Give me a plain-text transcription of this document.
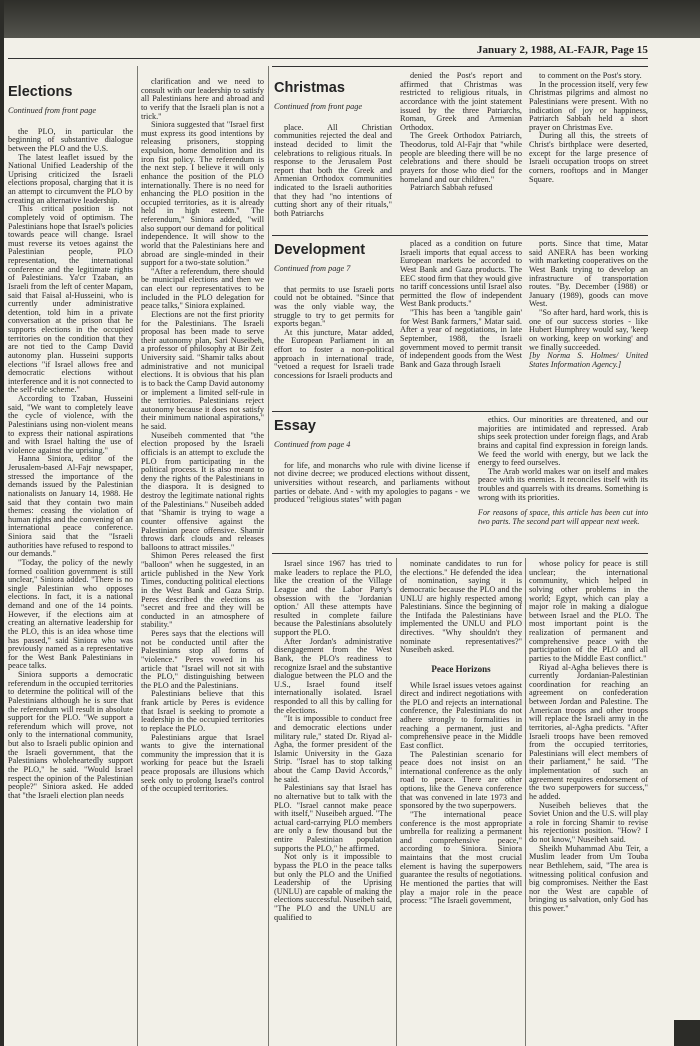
January 2, 1988, AL-FAJR, Page 15
Elections
Continued from front page

the PLO, in particular the beginning of substantive dialogue between the PLO and the U.S.

The latest leaflet issued by the National Unified Leadership of the Uprising criticized the Israeli elections proposal, charging that it is an attempt to circumvent the PLO by creating an alternative leadership.

This critical position is not completely void of optimism. The Palestinians hope that Israel's policies towards peace will change. Israel must reverse its vetoes against the Palestinian people, PLO representation, the international conference and the legitimate rights of Palestinians. Ya'cr Tzaban, an Israeli from the left of center Mapam, said that Faisal al-Husseini, who is currently under administrative detention, told him in a private conversation at the prison that he supports elections in the occupied territories on the condition that they are not tied to the Camp David autonomy plan. Husseini supports elections "if Israel allows free and democratic elections without interference and it is not connected to the self-rule scheme."

According to Tzaban, Husseini said, "We want to completely leave the cycle of violence, with the Palestinians using non-violent means to express their national aspirations and with Israel halting the use of violence against the uprising."

Hanna Siniora, editor of the Jerusalem-based Al-Fajr newspaper, stressed the importance of the demands issued by the Palestinian nationalists on January 14, 1988. He said that they contain two main themes: ceasing the violation of human rights and the convening of an international peace conference. Siniora said that the "Israeli authorities have refused to respond to our demands."

"Today, the policy of the newly formed coalition government is still unclear," Siniora added. "There is no single Palestinian who opposes elections. In fact, it is a national demand and one of the 14 points. However, if the elections aim at creating an alternative leadership for the PLO, this is an idea whose time has passed," said Siniora who was previously named as a representative for the West Bank Palestinians in peace talks.

Siniora supports a democratic referendum in the occupied territories to determine the political will of the Palestinians although he is sure that the referendum will result in absolute support for the PLO. "We support a referendum which will prove, not only to the international community, but also to Israeli public opinion and the Israeli government, that the Palestinians wholeheartedly support the PLO," he said. "Would Israel respect the opinion of the Palestinian people?" Siniora asked. He added that "the Israeli election plan needs

clarification and we need to consult with our leadership to satisfy all Palestinians here and abroad and to verify that the Israeli plan is not a trick."

Siniora suggested that "Israel first must express its good intentions by releasing prisoners, stopping expulsion, home demolition and its iron fist policy. The referendum is the next step. I believe it will only enhance the position of the PLO internationally. There is no need for enhancing the PLO position in the occupied territories, as it is already held in high esteem." The referendum," Siniora added, "will also support our demand for political independence. It will show to the world that the Palestinians here and abroad are single-minded in their support for a two-state solution."

"After a referendum, there should be municipal elections and then we can elect our representatives to be included in the PLO delegation for peace talks," Siniora explained.

Elections are not the first priority for the Palestinians. The Israeli proposal has been made to serve their autonomy plan, Sari Nuseibeh, a professor of philosophy at Bir Zeit University said. "Shamir talks about administrative and not municipal elections. It is obvious that his plan is to back the Camp David autonomy or implement a limited self-rule in the territories. Palestinians reject autonomy because it does not satisfy their minimum national aspirations," he said.

Nuseibeh commented that "the election proposed by the Israeli officials is an attempt to exclude the PLO from participating in the political process. It is also meant to deny the rights of the Palestinians in the diaspora. It is designed to destroy the legitimate national rights of the Palestinians." Nuseibeh added that "Shamir is trying to wage a counter offensive against the Palestinian peace offensive. Shamir throws dark clouds and releases balloons to attract missiles."

Shimon Peres released the first "balloon" when he suggested, in an article published in the New York Times, conducting political elections in the West Bank and Gaza Strip. Peres described the elections as "secret and free and they will be conducted in an atmosphere of stability."

Peres says that the elections will not be conducted until after the Palestinians stop all forms of "violence." Peres vowed in his article that "Israel will not sit with the PLO," distinguishing between the PLO and the Palestinians.

Palestinians believe that this frank article by Peres is evidence that Israel is seeking to promote a leadership in the occupied territories to replace the PLO.

Palestinians argue that Israel wants to give the international community the impression that it is working for peace but the Israeli peace proposals are illusions which seek only to prolong Israel's control of the occupied territories.

Christmas
Continued from front page

place. All Christian communities rejected the deal and instead decided to limit the celebrations to religious rituals. In response to the Jerusalem Post report that both the Greek and Armenian Orthodox communities indicated to the Israeli authorities that they had "no intentions of cutting short any of their rituals," both Patriarchs

denied the Post's report and affirmed that Christmas was restricted to religious rituals, in accordance with the joint statement issued by the three Patriarchs, Roman, Greek and Armenian Orthodox.

The Greek Orthodox Patriarch, Theodorus, told Al-Fajr that "while people are bleeding there will be no celebrations and there should be prayers for those who died for the homeland and our children."

Patriarch Sabbah refused

to comment on the Post's story.

In the procession itself, very few Christmas pilgrims and almost no Palestinians were present. With no indication of joy or happiness, Patriarch Sabbah held a short prayer on Christmas Eve.

During all this, the streets of Christ's birthplace were deserted, except for the large presence of Israeli occupation troops on street corners, rooftops and in Manger Square.

Development
Continued from page 7

that permits to use Israeli ports could not be obtained. "Since that was the only viable way, the struggle to try to get permits for exports began."

At this juncture, Matar added, the European Parliament in an effort to foster a non-political approach in international trade, "vetoed a request for Israeli trade concessions for Israeli products and

placed as a condition on future Israeli imports that equal access to European markets be accorded to West Bank and Gaza products. The EEC stood firm that they would give no tariff concessions until Israel also permitted the flow of independent West Bank products."

"This has been a 'tangible gain' for West Bank farmers," Matar said. After a year of negotiations, in late September, 1988, the Israeli government moved to permit transit of independent goods from the West Bank and Gaza through Israeli

ports. Since that time, Matar said ANERA has been working with marketing cooperatives on the West Bank trying to develop an infrastructure of transportation routes. "By. December (1988) or January (1989), goods can move West.

"So after hard, hard work, this is one of our success stories - like Hubert Humphrey would say, 'keep on working, keep on working' and we finally succeeded.

[by Norma S. Holmes/ United States Information Agency.]
Essay
Continued from page 4

for life, and monarchs who rule with divine license if not divine decree; we produced elections without dissent, universities without research, and parliaments without parties or debate. And - with my apologies to pagans - we produced "religious states" with pagan

ethics. Our minorities are threatened, and our majorities are intimidated and repressed. Arab ships seek protection under foreign flags, and Arab brains and capital find expression in foreign lands. We feed the world with energy, but we lack the energy to feed ourselves.

The Arab world makes war on itself and makes peace with its enemies. It reconciles itself with its troubles and quarrels with its dreams. Something is wrong with its priorities.

For reasons of space, this article has been cut into two parts. The second part will appear next week.

Israel since 1967 has tried to make leaders to replace the PLO, like the creation of the Village League and the Labor Party's obsession with the 'Jordanian option.' All these attempts have resulted in complete failure because the Palestinians absolutely support the PLO.

After Jordan's administrative disengagement from the West Bank, the PLO's readiness to recognize Israel and the substantive dialogue between the PLO and the U.S., Israel found itself internationally isolated. Israel responded to all this by calling for the elections.

"It is impossible to conduct free and democratic elections under military rule," stated Dr. Riyad al-Agha, the former president of the Islamic University in the Gaza Strip. "Israel has to stop talking about the Camp David Accords," he said.

Palestinians say that Israel has no alternative but to talk with the PLO. "Israel cannot make peace with itself," Nuseibeh argued. "The actual card-carrying PLO members are only a few thousand but the entire Palestinian population supports the PLO," he affirmed.

Not only is it impossible to bypass the PLO in the peace talks but only the PLO and the Unified Leadership of the Uprising (UNLU) are capable of making the elections successful. Nuseibeh said, "The PLO and the UNLU are qualified to

nominate candidates to run for the elections." He defended the idea of nomination, saying it is democratic because the PLO and the UNLU are highly respected among Palestinians. Since the beginning of the Intifada the Palestinians have implemented the UNLU and PLO directives. "Why shouldn't they nominate representatives?" Nuseibeh asked.

Peace Horizons

While Israel issues vetoes against direct and indirect negotiations with the PLO and rejects an international conference, the Palestinians do not adhere strongly to formalities in reaching a permanent, just and comprehensive peace in the Middle East conflict.

The Palestinian scenario for peace does not insist on an international conference as the only road to peace. There are other options, like the Geneva conference that was convened in late 1973 and sponsored by the two superpowers.

"The international peace conference is the most appropriate umbrella for realizing a permanent and comprehensive peace," according to Siniora. Siniora maintains that the most crucial element is having the superpowers guarantee the results of negotiations. He mentioned the parties that will play a major role in the peace process: "The Israeli government,

whose policy for peace is still unclear; the international community, which helped in solving other problems in the world; Egypt, which can play a major role in making a dialogue between Israel and the PLO. The most important point is the realization of permanent and comprehensive peace with the participation of the PLO and all parties to the Middle East conflict."

Riyad al-Agha believes there is currently Jordanian-Palestinian coordination for reaching an agreement on confederation between Jordan and Palestine. The American troops and other troops will replace the Israeli army in the territories, al-Agha predicts. "After Israeli troops have been removed from the occupied territories, Palestinians will elect members of their parliament," he said. "The implementation of such an agreement requires endorsement of the two superpowers for success," he added.

Nuseibeh believes that the Soviet Union and the U.S. will play a role in forcing Shamir to revise his rejectionist position. "How? I do not know," Nuseibeh said.

Sheikh Muhammad Abu Teir, a Muslim leader from Um Touba near Bethlehem, said, "The area is witnessing political confusion and big compromises. Neither the East nor the West are capable of bringing us salvation, only God has this power."
